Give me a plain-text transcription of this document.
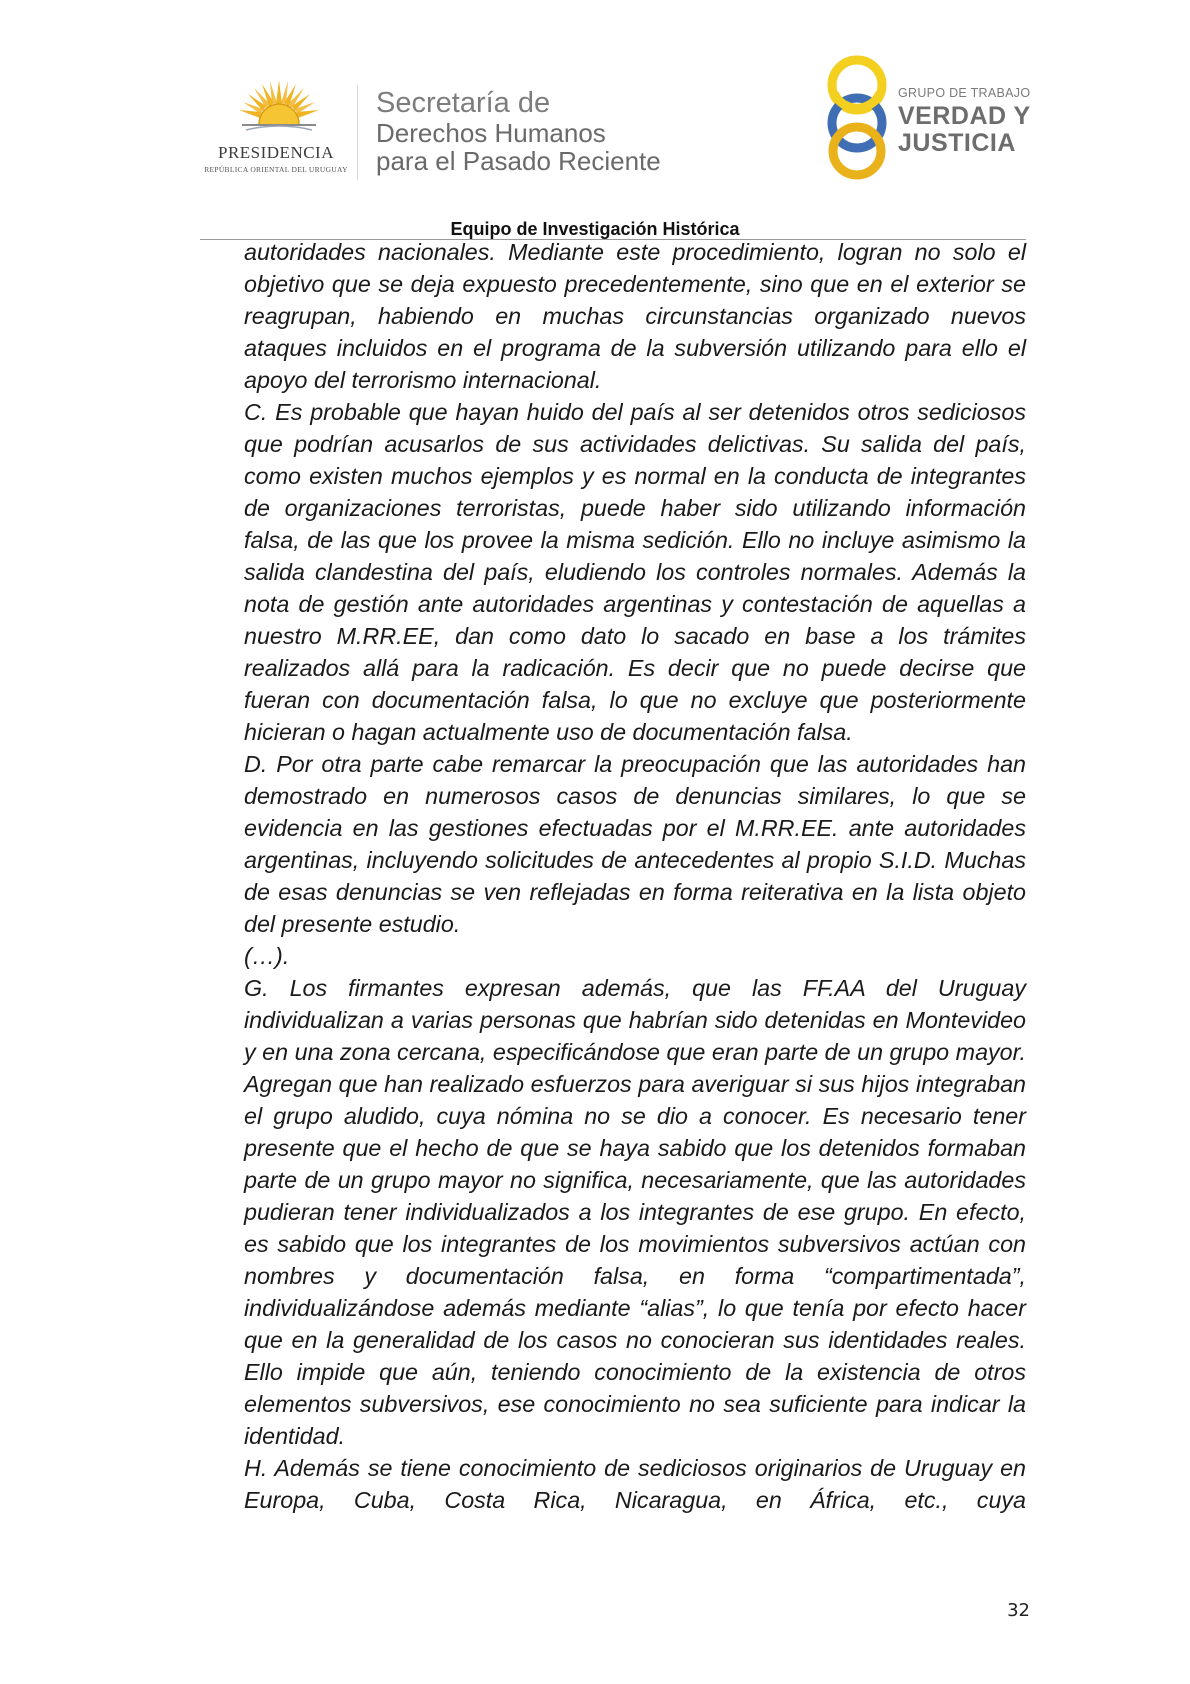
PRESIDENCIA
REPÚBLICA ORIENTAL DEL URUGUAY
Secretaría de
Derechos Humanos
para el Pasado Reciente
GRUPO DE TRABAJO
VERDAD Y
JUSTICIA
Equipo de Investigación Histórica

autoridades nacionales. Mediante este procedimiento, logran no solo el objetivo que se deja expuesto precedentemente, sino que en el exterior se reagrupan, habiendo en muchas circunstancias organizado nuevos ataques incluidos en el programa de la subversión utilizando para ello el apoyo del terrorismo internacional.

C. Es probable que hayan huido del país al ser detenidos otros sediciosos que podrían acusarlos de sus actividades delictivas. Su salida del país, como existen muchos ejemplos y es normal en la conducta de integrantes de organizaciones terroristas, puede haber sido utilizando información falsa, de las que los provee la misma sedición. Ello no incluye asimismo la salida clandestina del país, eludiendo los controles normales. Además la nota de gestión ante autoridades argentinas y contestación de aquellas a nuestro M.RR.EE, dan como dato lo sacado en base a los trámites realizados allá para la radicación. Es decir que no puede decirse que fueran con documentación falsa, lo que no excluye que posteriormente hicieran o hagan actualmente uso de documentación falsa.

D. Por otra parte cabe remarcar la preocupación que las autoridades han demostrado en numerosos casos de denuncias similares, lo que se evidencia en las gestiones efectuadas por el M.RR.EE. ante autoridades argentinas, incluyendo solicitudes de antecedentes al propio S.I.D. Muchas de esas denuncias se ven reflejadas en forma reiterativa en la lista objeto del presente estudio.

(…).

G. Los firmantes expresan además, que las FF.AA del Uruguay individualizan a varias personas que habrían sido detenidas en Montevideo y en una zona cercana, especificándose que eran parte de un grupo mayor. Agregan que han realizado esfuerzos para averiguar si sus hijos integraban el grupo aludido, cuya nómina no se dio a conocer. Es necesario tener presente que el hecho de que se haya sabido que los detenidos formaban parte de un grupo mayor no significa, necesariamente, que las autoridades pudieran tener individualizados a los integrantes de ese grupo. En efecto, es sabido que los integrantes de los movimientos subversivos actúan con nombres y documentación falsa, en forma “compartimentada”, individualizándose además mediante “alias”, lo que tenía por efecto hacer que en la generalidad de los casos no conocieran sus identidades reales. Ello impide que aún, teniendo conocimiento de la existencia de otros elementos subversivos, ese conocimiento no sea suficiente para indicar la identidad.

H. Además se tiene conocimiento de sediciosos originarios de Uruguay en Europa, Cuba, Costa Rica, Nicaragua, en África, etc., cuya

32
